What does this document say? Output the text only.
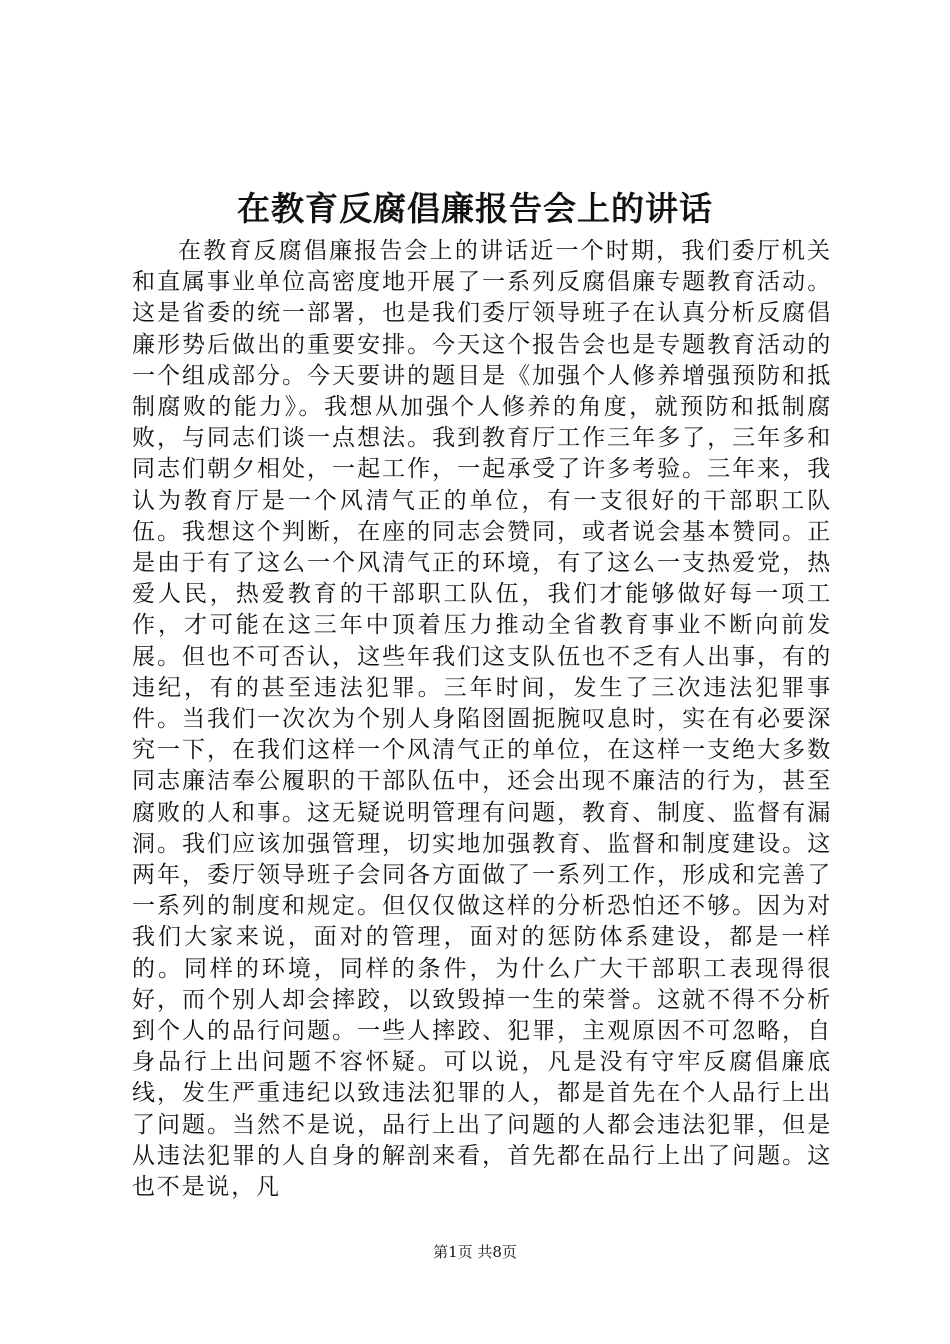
在教育反腐倡廉报告会上的讲话

在教育反腐倡廉报告会上的讲话近一个时期，我们委厅机关和直属事业单位高密度地开展了一系列反腐倡廉专题教育活动。这是省委的统一部署，也是我们委厅领导班子在认真分析反腐倡廉形势后做出的重要安排。今天这个报告会也是专题教育活动的一个组成部分。今天要讲的题目是《加强个人修养增强预防和抵制腐败的能力》。我想从加强个人修养的角度，就预防和抵制腐败，与同志们谈一点想法。我到教育厅工作三年多了，三年多和同志们朝夕相处，一起工作，一起承受了许多考验。三年来，我认为教育厅是一个风清气正的单位，有一支很好的干部职工队伍。我想这个判断，在座的同志会赞同，或者说会基本赞同。正是由于有了这么一个风清气正的环境，有了这么一支热爱党，热爱人民，热爱教育的干部职工队伍，我们才能够做好每一项工作，才可能在这三年中顶着压力推动全省教育事业不断向前发展。但也不可否认，这些年我们这支队伍也不乏有人出事，有的违纪，有的甚至违法犯罪。三年时间，发生了三次违法犯罪事件。当我们一次次为个别人身陷囹圄扼腕叹息时，实在有必要深究一下，在我们这样一个风清气正的单位，在这样一支绝大多数同志廉洁奉公履职的干部队伍中，还会出现不廉洁的行为，甚至腐败的人和事。这无疑说明管理有问题，教育、制度、监督有漏洞。我们应该加强管理，切实地加强教育、监督和制度建设。这两年，委厅领导班子会同各方面做了一系列工作，形成和完善了一系列的制度和规定。但仅仅做这样的分析恐怕还不够。因为对我们大家来说，面对的管理，面对的惩防体系建设，都是一样的。同样的环境，同样的条件，为什么广大干部职工表现得很好，而个别人却会摔跤，以致毁掉一生的荣誉。这就不得不分析到个人的品行问题。一些人摔跤、犯罪，主观原因不可忽略，自身品行上出问题不容怀疑。可以说，凡是没有守牢反腐倡廉底线，发生严重违纪以致违法犯罪的人，都是首先在个人品行上出了问题。当然不是说，品行上出了问题的人都会违法犯罪，但是从违法犯罪的人自身的解剖来看，首先都在品行上出了问题。这也不是说，凡

第1页 共8页
